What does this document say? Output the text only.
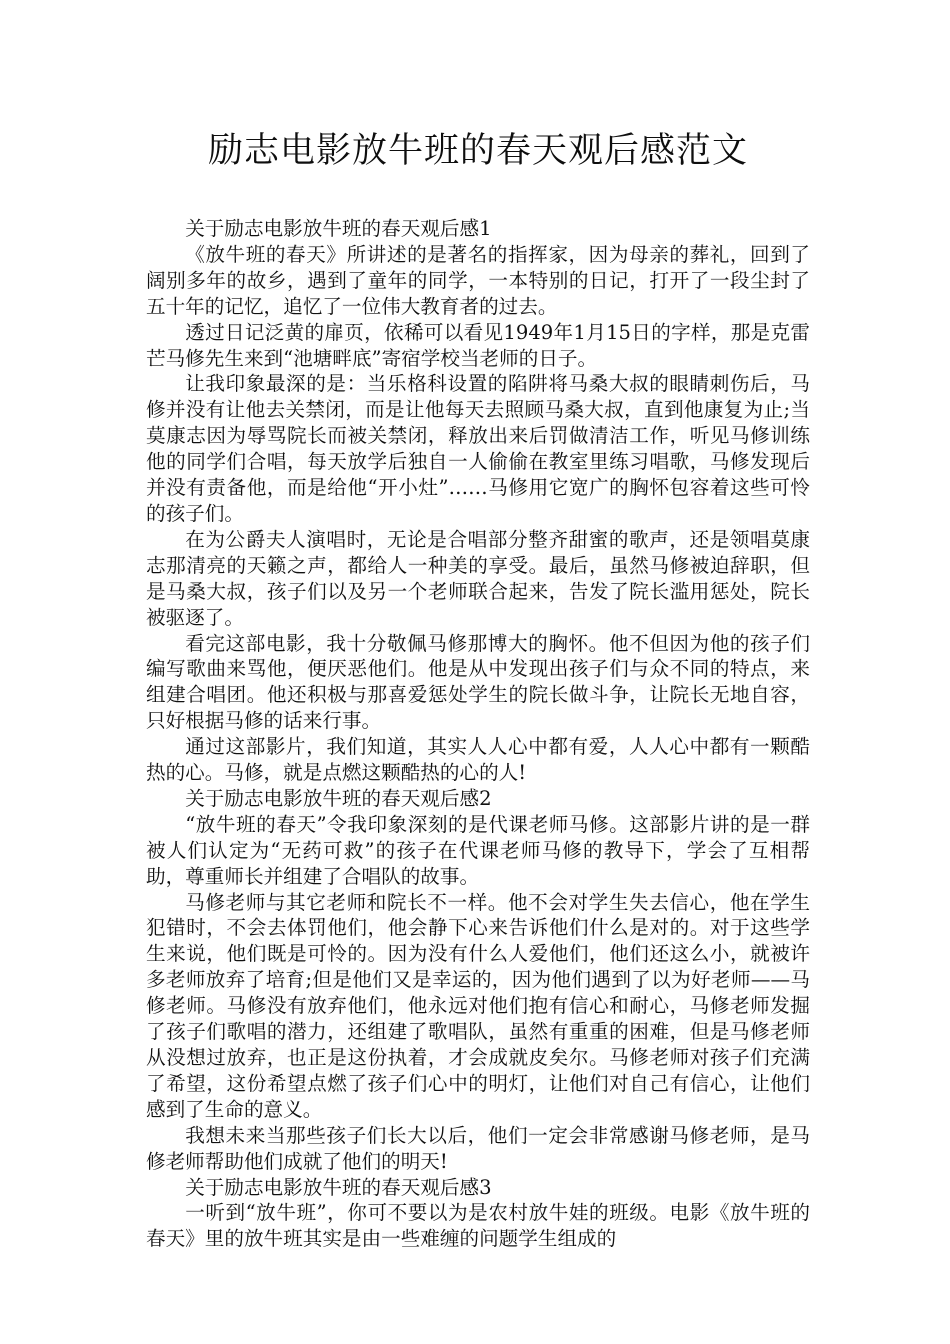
励志电影放牛班的春天观后感范文

关于励志电影放牛班的春天观后感1

《放牛班的春天》所讲述的是著名的指挥家，因为母亲的葬礼，回到了阔别多年的故乡，遇到了童年的同学，一本特别的日记，打开了一段尘封了五十年的记忆，追忆了一位伟大教育者的过去。

透过日记泛黄的扉页，依稀可以看见1949年1月15日的字样，那是克雷芒马修先生来到“池塘畔底”寄宿学校当老师的日子。

让我印象最深的是：当乐格科设置的陷阱将马桑大叔的眼睛刺伤后，马修并没有让他去关禁闭，而是让他每天去照顾马桑大叔，直到他康复为止;当莫康志因为辱骂院长而被关禁闭，释放出来后罚做清洁工作，听见马修训练他的同学们合唱，每天放学后独自一人偷偷在教室里练习唱歌，马修发现后并没有责备他，而是给他“开小灶”……马修用它宽广的胸怀包容着这些可怜的孩子们。

在为公爵夫人演唱时，无论是合唱部分整齐甜蜜的歌声，还是领唱莫康志那清亮的天籁之声，都给人一种美的享受。最后，虽然马修被迫辞职，但是马桑大叔，孩子们以及另一个老师联合起来，告发了院长滥用惩处，院长被驱逐了。

看完这部电影，我十分敬佩马修那博大的胸怀。他不但因为他的孩子们编写歌曲来骂他，便厌恶他们。他是从中发现出孩子们与众不同的特点，来组建合唱团。他还积极与那喜爱惩处学生的院长做斗争，让院长无地自容，只好根据马修的话来行事。

通过这部影片，我们知道，其实人人心中都有爱，人人心中都有一颗酷热的心。马修，就是点燃这颗酷热的心的人!

关于励志电影放牛班的春天观后感2

“放牛班的春天”令我印象深刻的是代课老师马修。这部影片讲的是一群被人们认定为“无药可救”的孩子在代课老师马修的教导下，学会了互相帮助，尊重师长并组建了合唱队的故事。

马修老师与其它老师和院长不一样。他不会对学生失去信心，他在学生犯错时，不会去体罚他们，他会静下心来告诉他们什么是对的。对于这些学生来说，他们既是可怜的。因为没有什么人爱他们，他们还这么小，就被许多老师放弃了培育;但是他们又是幸运的，因为他们遇到了以为好老师——马修老师。马修没有放弃他们，他永远对他们抱有信心和耐心，马修老师发掘了孩子们歌唱的潜力，还组建了歌唱队，虽然有重重的困难，但是马修老师从没想过放弃，也正是这份执着，才会成就皮矣尔。马修老师对孩子们充满了希望，这份希望点燃了孩子们心中的明灯，让他们对自己有信心，让他们感到了生命的意义。

我想未来当那些孩子们长大以后，他们一定会非常感谢马修老师，是马修老师帮助他们成就了他们的明天!

关于励志电影放牛班的春天观后感3

一听到“放牛班”，你可不要以为是农村放牛娃的班级。电影《放牛班的春天》里的放牛班其实是由一些难缠的问题学生组成的
